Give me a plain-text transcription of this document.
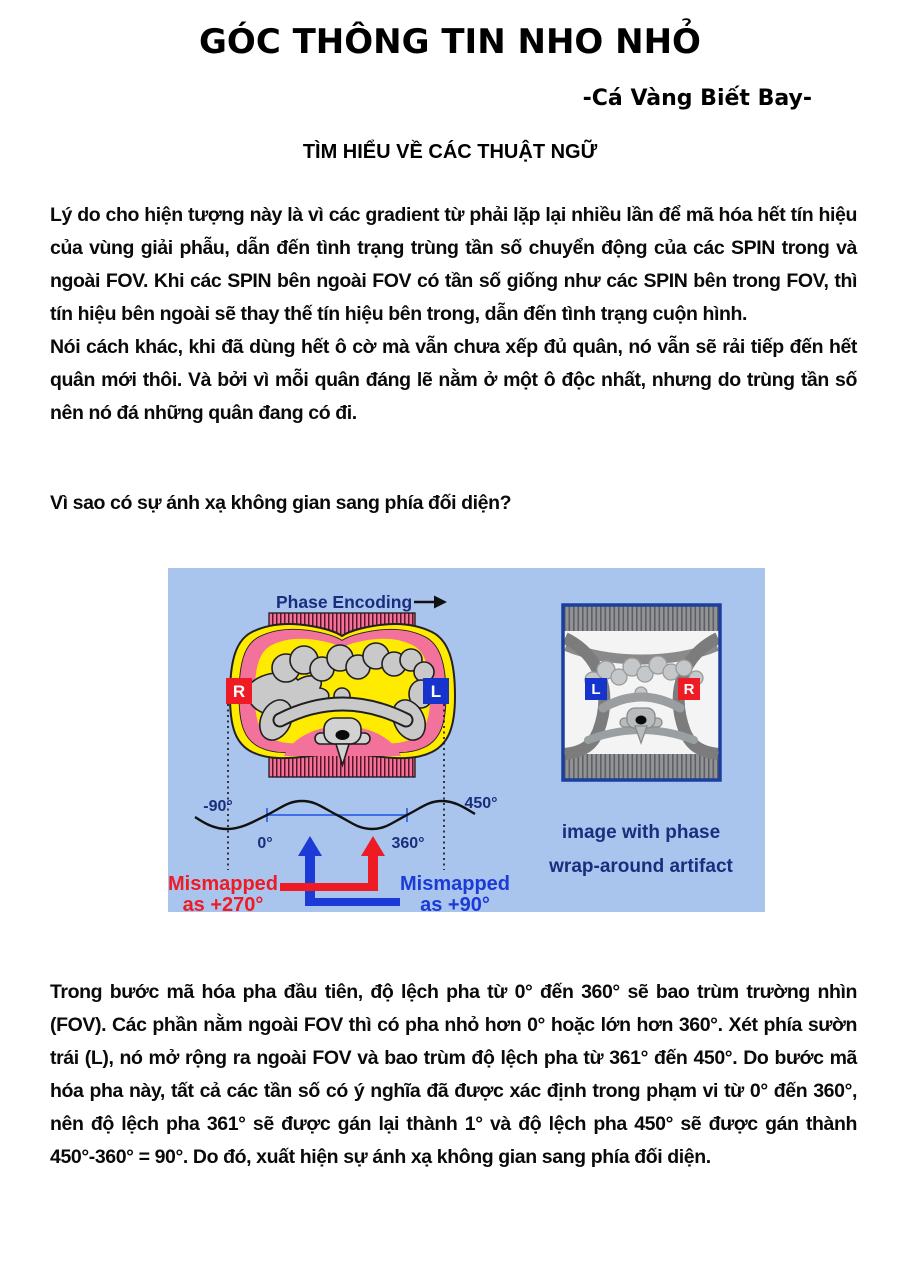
GÓC THÔNG TIN NHO NHỎ
-Cá Vàng Biết Bay-
TÌM HIỂU VỀ CÁC THUẬT NGỮ
Lý do cho hiện tượng này là vì các gradient từ phải lặp lại nhiều lần để mã hóa hết tín hiệu của vùng giải phẫu, dẫn đến tình trạng trùng tần số chuyển động của các SPIN trong và ngoài FOV. Khi các SPIN bên ngoài FOV có tần số giống như các SPIN bên trong FOV, thì tín hiệu bên ngoài sẽ thay thế tín hiệu bên trong, dẫn đến tình trạng cuộn hình.
Nói cách khác, khi đã dùng hết ô cờ mà vẫn chưa xếp đủ quân, nó vẫn sẽ rải tiếp đến hết quân mới thôi. Và bởi vì mỗi quân đáng lẽ nằm ở một ô độc nhất, nhưng do trùng tần số nên nó đá những quân đang có đi.
Vì sao có sự ánh xạ không gian sang phía đối diện?
Phase Encoding
R	L
-90°	450°
0°	360°
Mismapped
as +270°
Mismapped
as +90°
L	R
image with phase
wrap-around artifact
Trong bước mã hóa pha đầu tiên, độ lệch pha từ 0° đến 360° sẽ bao trùm trường nhìn (FOV). Các phần nằm ngoài FOV thì có pha nhỏ hơn 0° hoặc lớn hơn 360°. Xét phía sườn trái (L), nó mở rộng ra ngoài FOV và bao trùm độ lệch pha từ 361° đến 450°. Do bước mã hóa pha này, tất cả các tần số có ý nghĩa đã được xác định trong phạm vi từ 0° đến 360°, nên độ lệch pha 361° sẽ được gán lại thành 1° và độ lệch pha 450° sẽ được gán thành 450°-360° = 90°. Do đó, xuất hiện sự ánh xạ không gian sang phía đối diện.
